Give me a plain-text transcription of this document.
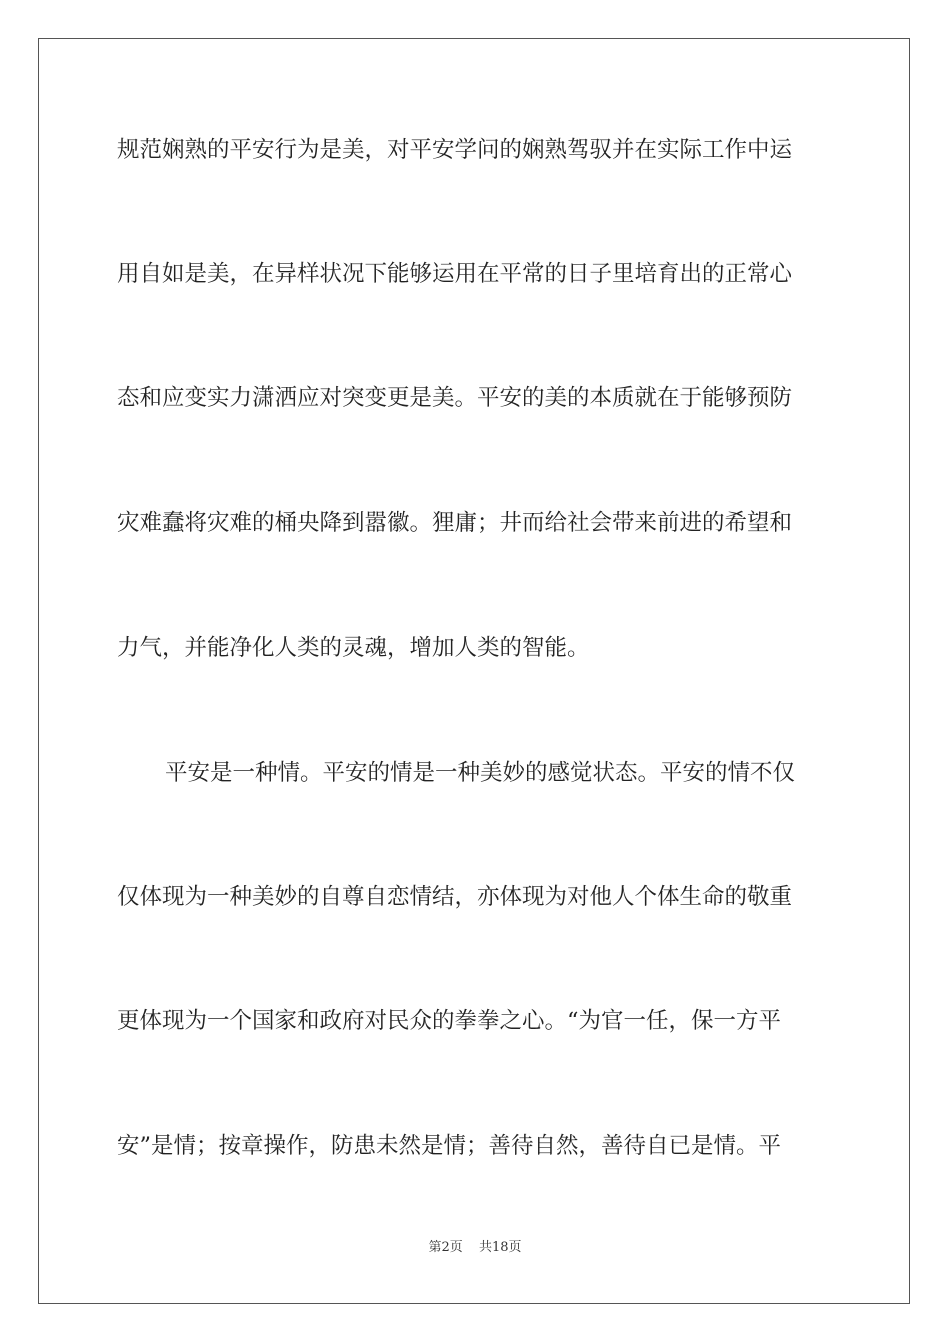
规范娴熟的平安行为是美，对平安学问的娴熟驾驭并在实际工作中运
用自如是美，在异样状况下能够运用在平常的日子里培育出的正常心
态和应变实力潇洒应对突变更是美。平安的美的本质就在于能够预防
灾难蠢将灾难的桶央降到嚣徽。狸庸；井而给社会带来前进的希望和
力气，并能净化人类的灵魂，增加人类的智能。
平安是一种情。平安的情是一种美妙的感觉状态。平安的情不仅
仅体现为一种美妙的自尊自恋情结，亦体现为对他人个体生命的敬重
更体现为一个国家和政府对民众的拳拳之心。“为官一任，保一方平
安”是情；按章操作，防患未然是情；善待自然，善待自已是情。平
第2页 共18页
